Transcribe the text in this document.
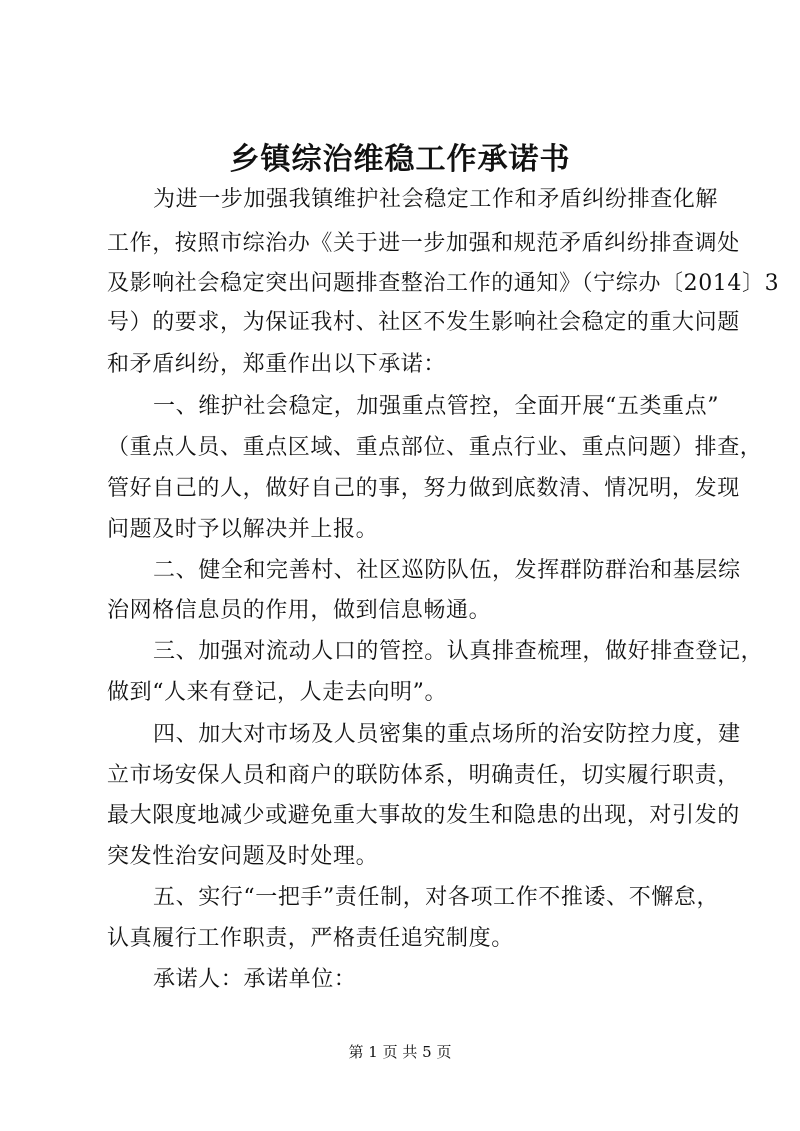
乡镇综治维稳工作承诺书
为进一步加强我镇维护社会稳定工作和矛盾纠纷排查化解
工作，按照市综治办《关于进一步加强和规范矛盾纠纷排查调处
及影响社会稳定突出问题排查整治工作的通知》（宁综办〔2014〕3
号）的要求，为保证我村、社区不发生影响社会稳定的重大问题
和矛盾纠纷，郑重作出以下承诺：
一、维护社会稳定，加强重点管控，全面开展“五类重点”
（重点人员、重点区域、重点部位、重点行业、重点问题）排查，
管好自己的人，做好自己的事，努力做到底数清、情况明，发现
问题及时予以解决并上报。
二、健全和完善村、社区巡防队伍，发挥群防群治和基层综
治网格信息员的作用，做到信息畅通。
三、加强对流动人口的管控。认真排查梳理，做好排查登记，
做到“人来有登记，人走去向明”。
四、加大对市场及人员密集的重点场所的治安防控力度，建
立市场安保人员和商户的联防体系，明确责任，切实履行职责，
最大限度地减少或避免重大事故的发生和隐患的出现，对引发的
突发性治安问题及时处理。
五、实行“一把手”责任制，对各项工作不推诿、不懈怠，
认真履行工作职责，严格责任追究制度。
承诺人：承诺单位：
第 1 页 共 5 页
